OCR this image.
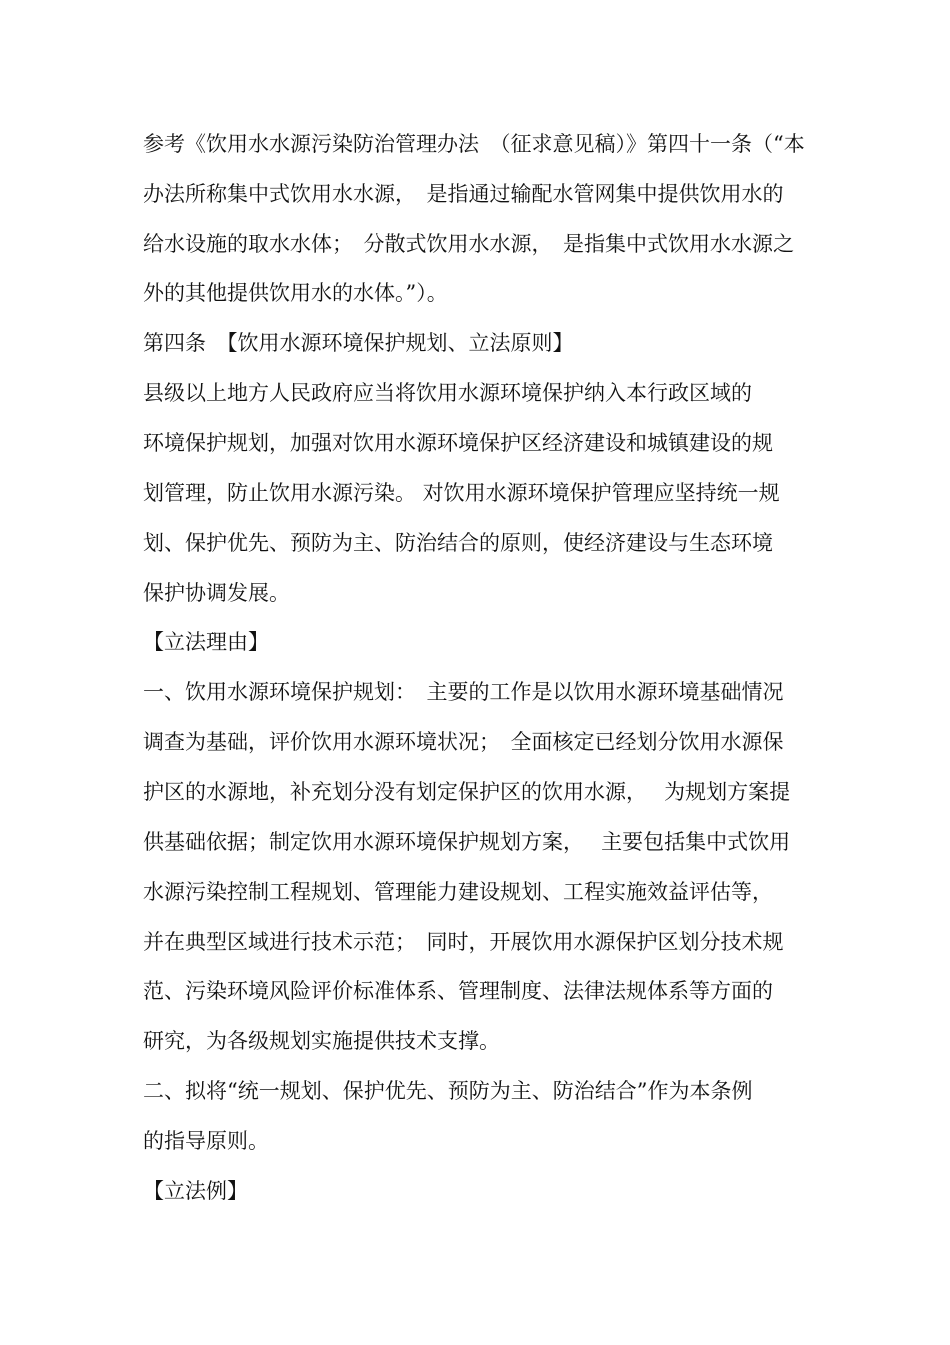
参考《饮用水水源污染防治管理办法　（征求意见稿）》第四十一条（“本
办法所称集中式饮用水水源，　是指通过输配水管网集中提供饮用水的
给水设施的取水水体；　分散式饮用水水源，　是指集中式饮用水水源之
外的其他提供饮用水的水体。”）。
第四条　【饮用水源环境保护规划、立法原则】
县级以上地方人民政府应当将饮用水源环境保护纳入本行政区域的
环境保护规划，加强对饮用水源环境保护区经济建设和城镇建设的规
划管理，防止饮用水源污染。 对饮用水源环境保护管理应坚持统一规
划、保护优先、预防为主、防治结合的原则，使经济建设与生态环境
保护协调发展。
【立法理由】
一、饮用水源环境保护规划：　主要的工作是以饮用水源环境基础情况
调查为基础，评价饮用水源环境状况；　全面核定已经划分饮用水源保
护区的水源地，补充划分没有划定保护区的饮用水源，　 为规划方案提
供基础依据；制定饮用水源环境保护规划方案，　 主要包括集中式饮用
水源污染控制工程规划、管理能力建设规划、工程实施效益评估等，
并在典型区域进行技术示范；　同时，开展饮用水源保护区划分技术规
范、污染环境风险评价标准体系、管理制度、法律法规体系等方面的
研究，为各级规划实施提供技术支撑。
二、拟将“统一规划、保护优先、预防为主、防治结合”作为本条例
的指导原则。
【立法例】
